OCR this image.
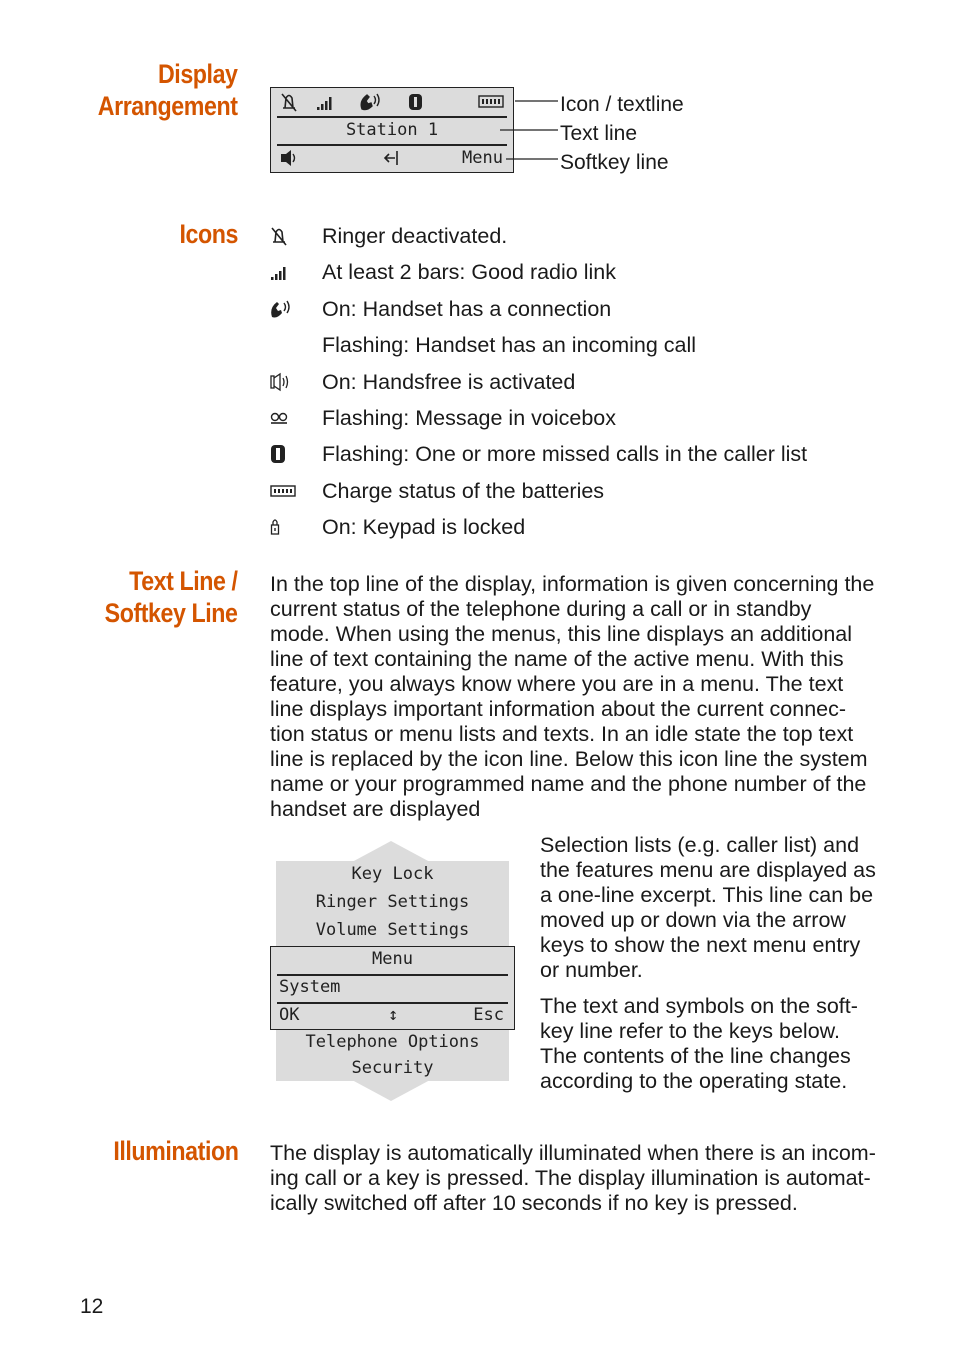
Display
Arrangement
Icons
Text Line /
Softkey Line
Illumination
Station 1
Menu
Icon / textline
Text line
Softkey line
Ringer deactivated.
At least 2 bars: Good radio link
On: Handset has a connection
Flashing: Handset has an incoming call
On: Handsfree is activated
Flashing: Message in voicebox
Flashing: One or more missed calls in the caller list
Charge status of the batteries
On: Keypad is locked
In the top line of the display, information is given concerning the
current status of the telephone during a call or in standby
mode. When using the menus, this line displays an additional
line of text containing the name of the active menu. With this
feature, you always know where you are in a menu. The text
line displays important information about the current connec-
tion status or menu lists and texts. In an idle state the top text
line is replaced by the icon line. Below this icon line the system
name or your programmed name and the phone number of the
handset are displayed
Key Lock
Ringer Settings
Volume Settings
Menu
System
OK	↕	Esc
Telephone Options
Security
Selection lists (e.g. caller list) and
the features menu are displayed as
a one-line excerpt. This line can be
moved up or down via the arrow
keys to show the next menu entry
or number.
The text and symbols on the soft-
key line refer to the keys below.
The contents of the line changes
according to the operating state.
The display is automatically illuminated when there is an incom-
ing call or a key is pressed. The display illumination is automat-
ically switched off after 10 seconds if no key is pressed.
12
